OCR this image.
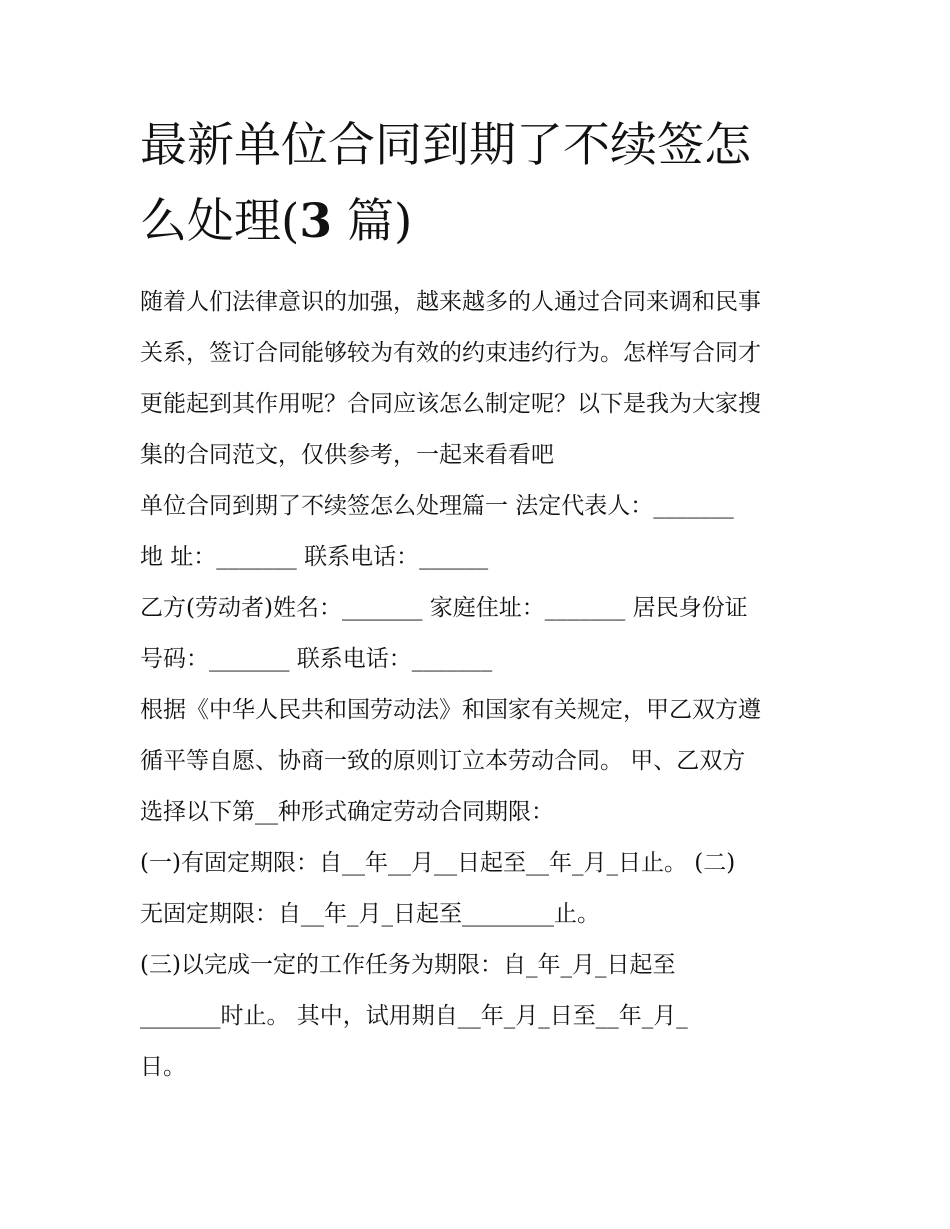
最新单位合同到期了不续签怎
么处理(3 篇)
随着人们法律意识的加强，越来越多的人通过合同来调和民事
关系，签订合同能够较为有效的约束违约行为。怎样写合同才
更能起到其作用呢？合同应该怎么制定呢？以下是我为大家搜
集的合同范文，仅供参考，一起来看看吧
单位合同到期了不续签怎么处理篇一 法定代表人：_______
地 址：_______ 联系电话：______
乙方(劳动者)姓名：_______ 家庭住址：_______ 居民身份证
号码：_______ 联系电话：_______
根据《中华人民共和国劳动法》和国家有关规定，甲乙双方遵
循平等自愿、协商一致的原则订立本劳动合同。 甲、乙双方
选择以下第__种形式确定劳动合同期限：
(一)有固定期限：自__年__月__日起至__年_月_日止。 (二)
无固定期限：自__年_月_日起至________止。
(三)以完成一定的工作任务为期限：自_年_月_日起至
_______时止。 其中，试用期自__年_月_日至__年_月_
日。
